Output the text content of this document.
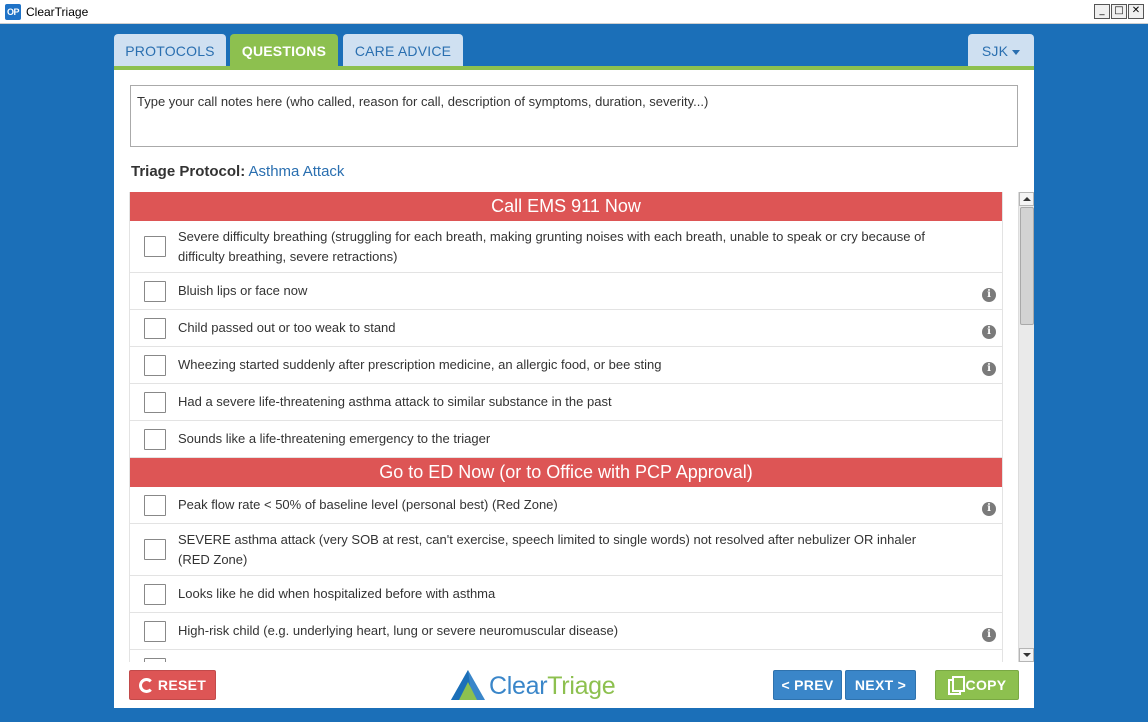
OP ClearTriage	_ □ ✕
PROTOCOLS	QUESTIONS	CARE ADVICE	SJK
Type your call notes here (who called, reason for call, description of symptoms, duration, severity...)
Triage Protocol: Asthma Attack
Call EMS 911 Now
Severe difficulty breathing (struggling for each breath, making grunting noises with each breath, unable to speak or cry because of difficulty breathing, severe retractions)
Bluish lips or face now	i
Child passed out or too weak to stand	i
Wheezing started suddenly after prescription medicine, an allergic food, or bee sting	i
Had a severe life-threatening asthma attack to similar substance in the past
Sounds like a life-threatening emergency to the triager
Go to ED Now (or to Office with PCP Approval)
Peak flow rate < 50% of baseline level (personal best) (Red Zone)	i
SEVERE asthma attack (very SOB at rest, can't exercise, speech limited to single words) not resolved after nebulizer OR inhaler (RED Zone)
Looks like he did when hospitalized before with asthma
High-risk child (e.g. underlying heart, lung or severe neuromuscular disease)	i
RESET	ClearTriage	< PREV	NEXT >	COPY
